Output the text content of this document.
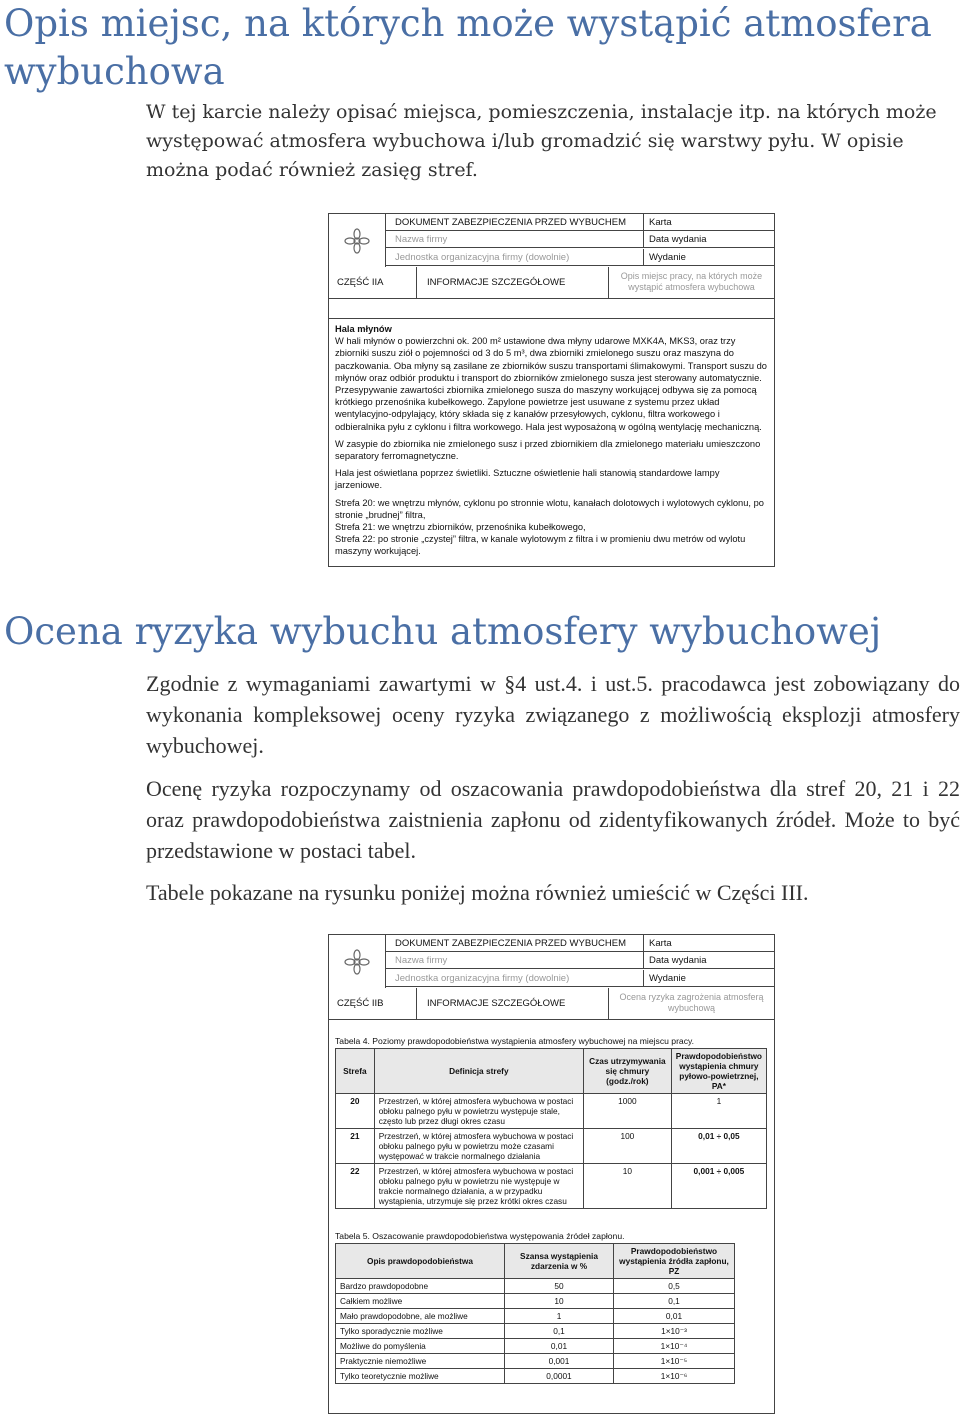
Opis miejsc, na których może wystąpić atmosfera
wybuchowa

W tej karcie należy opisać miejsca, pomieszczenia, instalacje itp. na których może występować atmosfera wybuchowa i/lub gromadzić się warstwy pyłu. W opisie można podać również zasięg stref.

DOKUMENT ZABEZPIECZENIA PRZED WYBUCHEM
Nazwa firmy
Jednostka organizacyjna firmy (dowolnie)
Karta
Data wydania
Wydanie
CZĘŚĆ IIA	INFORMACJE SZCZEGÓŁOWE
Opis miejsc pracy, na których może
wystąpić atmosfera wybuchowa

Hala młynów

W hali młynów o powierzchni ok. 200 m² ustawione dwa młyny udarowe MXK4A, MKS3, oraz trzy zbiorniki suszu ziół o pojemności od 3 do 5 m³, dwa zbiorniki zmielonego suszu oraz maszyna do paczkowania. Oba młyny są zasilane ze zbiorników suszu transportami ślimakowymi. Transport suszu do młynów oraz odbiór produktu i transport do zbiorników zmielonego susza jest sterowany automatycznie. Przesypywanie zawartości zbiornika zmielonego susza do maszyny workującej odbywa się za pomocą krótkiego przenośnika kubełkowego. Zapylone powietrze jest usuwane z systemu przez układ wentylacyjno-odpylający, który składa się z kanałów przesyłowych, cyklonu, filtra workowego i odbieralnika pyłu z cyklonu i filtra workowego. Hala jest wyposażoną w ogólną wentylację mechaniczną.

W zasypie do zbiornika nie zmielonego susz i przed zbiornikiem dla zmielonego materiału umieszczono separatory ferromagnetyczne.

Hala jest oświetlana poprzez świetliki. Sztuczne oświetlenie hali stanowią standardowe lampy jarzeniowe.

Strefa 20: we wnętrzu młynów, cyklonu po stronnie wlotu, kanałach dolotowych i wylotowych cyklonu, po stronie „brudnej” filtra,

Strefa 21: we wnętrzu zbiorników, przenośnika kubełkowego,

Strefa 22: po stronie „czystej” filtra, w kanale wylotowym z filtra i w promieniu dwu metrów od wylotu maszyny workującej.

Ocena ryzyka wybuchu atmosfery wybuchowej

Zgodnie z wymaganiami zawartymi w §4 ust.4. i ust.5. pracodawca jest zobowiązany do wykonania kompleksowej oceny ryzyka związanego z możliwością eksplozji atmosfery wybuchowej.

Ocenę ryzyka rozpoczynamy od oszacowania prawdopodobieństwa dla stref 20, 21 i 22 oraz prawdopodobieństwa zaistnienia zapłonu od zidentyfikowanych źródeł. Może to być przedstawione w postaci tabel.

Tabele pokazane na rysunku poniżej można również umieścić w Części III.

DOKUMENT ZABEZPIECZENIA PRZED WYBUCHEM
Nazwa firmy
Jednostka organizacyjna firmy (dowolnie)
Karta
Data wydania
Wydanie
CZĘŚĆ IIB	INFORMACJE SZCZEGÓŁOWE
Ocena ryzyka zagrożenia atmosferą
wybuchową

Tabela 4. Poziomy prawdopodobieństwa wystąpienia atmosfery wybuchowej na miejscu pracy.

Strefa	Definicja strefy	Czas utrzymywania się chmury (godz./rok)	Prawdopodobieństwo wystąpienia chmury pyłowo-powietrznej, PA*
20	Przestrzeń, w której atmosfera wybuchowa w postaci obłoku palnego pyłu w powietrzu występuje stale, często lub przez długi okres czasu	1000	1
21	Przestrzeń, w której atmosfera wybuchowa w postaci obłoku palnego pyłu w powietrzu może czasami występować w trakcie normalnego działania	100	0,01 ÷ 0,05
22	Przestrzeń, w której atmosfera wybuchowa w postaci obłoku palnego pyłu w powietrzu nie występuje w trakcie normalnego działania, a w przypadku wystąpienia, utrzymuje się przez krótki okres czasu	10	0,001 ÷ 0,005

Tabela 5. Oszacowanie prawdopodobieństwa występowania źródeł zapłonu.

Opis prawdopodobieństwa	Szansa wystąpienia zdarzenia w %	Prawdopodobieństwo wystąpienia źródła zapłonu, PZ
Bardzo prawdopodobne	50	0,5
Całkiem możliwe	10	0,1
Mało prawdopodobne, ale możliwe	1	0,01
Tylko sporadycznie możliwe	0,1	1×10⁻³
Możliwe do pomyślenia	0,01	1×10⁻⁴
Praktycznie niemożliwe	0,001	1×10⁻⁵
Tylko teoretycznie możliwe	0,0001	1×10⁻⁶
